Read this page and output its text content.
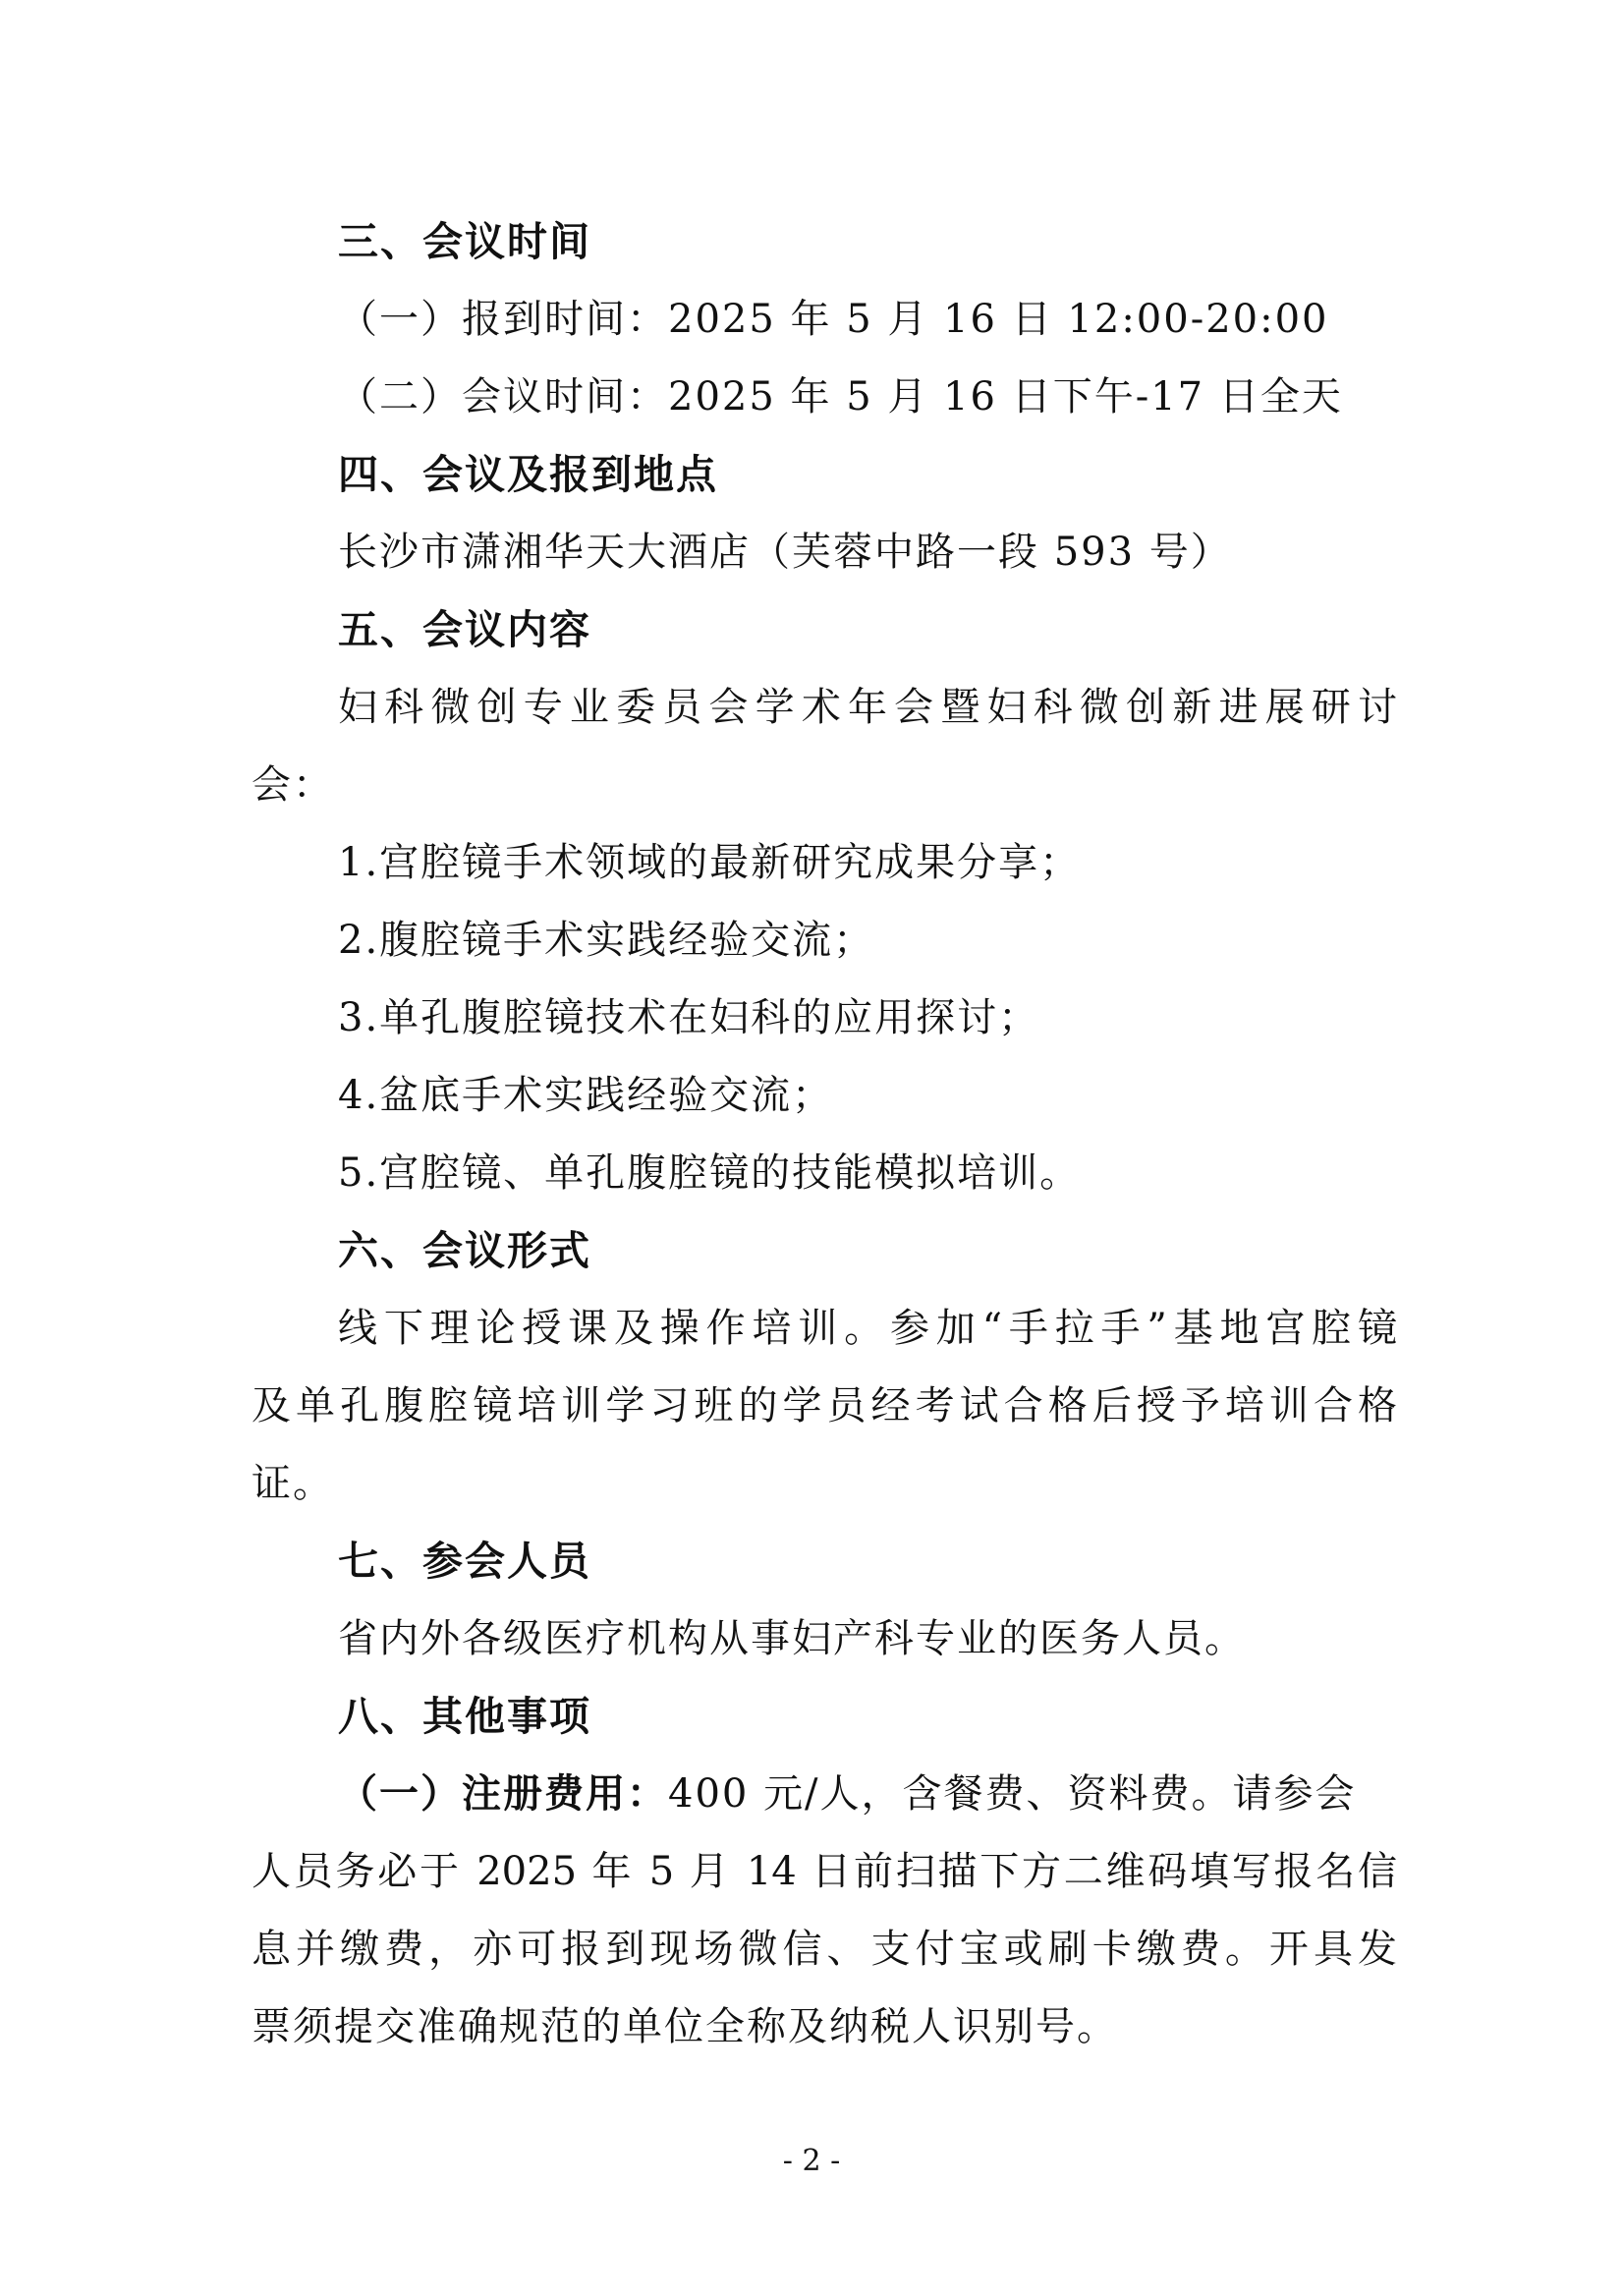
三、会议时间

（一）报到时间：2025 年 5 月 16 日 12:00-20:00

（二）会议时间：2025 年 5 月 16 日下午-17 日全天

四、会议及报到地点

长沙市潇湘华天大酒店（芙蓉中路一段 593 号）

五、会议内容

妇科微创专业委员会学术年会暨妇科微创新进展研讨

会：

1.宫腔镜手术领域的最新研究成果分享；

2.腹腔镜手术实践经验交流；

3.单孔腹腔镜技术在妇科的应用探讨；

4.盆底手术实践经验交流；

5.宫腔镜、单孔腹腔镜的技能模拟培训。

六、会议形式

线下理论授课及操作培训。参加“手拉手”基地宫腔镜

及单孔腹腔镜培训学习班的学员经考试合格后授予培训合格

证。

七、参会人员

省内外各级医疗机构从事妇产科专业的医务人员。

八、其他事项

（一）注册费用：400 元/人，含餐费、资料费。请参会

人员务必于 2025 年 5 月 14 日前扫描下方二维码填写报名信

息并缴费，亦可报到现场微信、支付宝或刷卡缴费。开具发

票须提交准确规范的单位全称及纳税人识别号。

- 2 -
